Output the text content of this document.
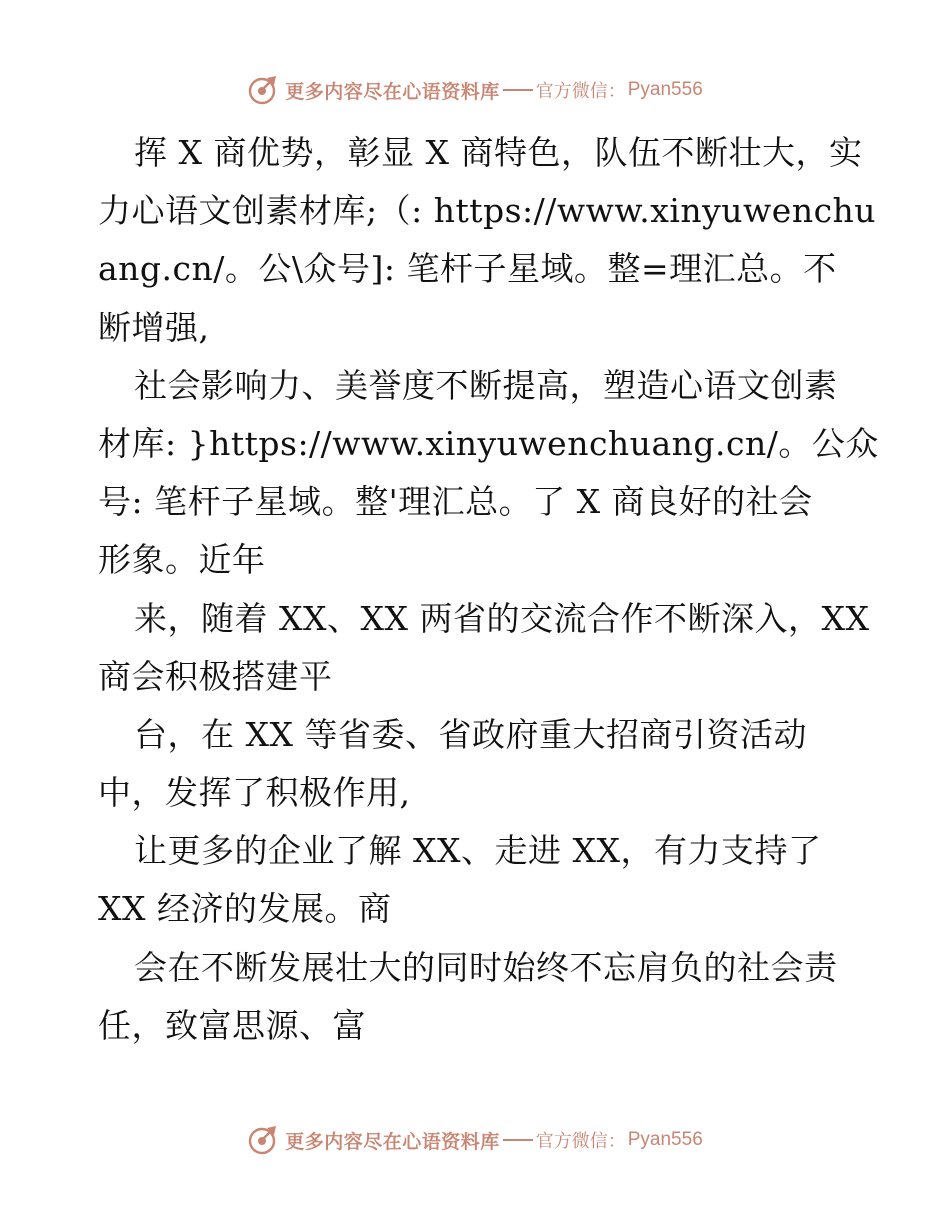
更多内容尽在心语资料库 官方微信： Pyan556
挥 X 商优势，彰显 X 商特色，队伍不断壮大，实
力心语文创素材库;（: https://www.xinyuwenchu
ang.cn/。公\众号]: 笔杆子星域。整=理汇总。不
断增强,
社会影响力、美誉度不断提高，塑造心语文创素
材库: }https://www.xinyuwenchuang.cn/。公众
号: 笔杆子星域。整'理汇总。了 X 商良好的社会
形象。近年
来，随着 XX、XX 两省的交流合作不断深入，XX
商会积极搭建平
台，在 XX 等省委、省政府重大招商引资活动
中，发挥了积极作用,
让更多的企业了解 XX、走进 XX，有力支持了
XX 经济的发展。商
会在不断发展壮大的同时始终不忘肩负的社会责
任，致富思源、富
更多内容尽在心语资料库 官方微信： Pyan556
